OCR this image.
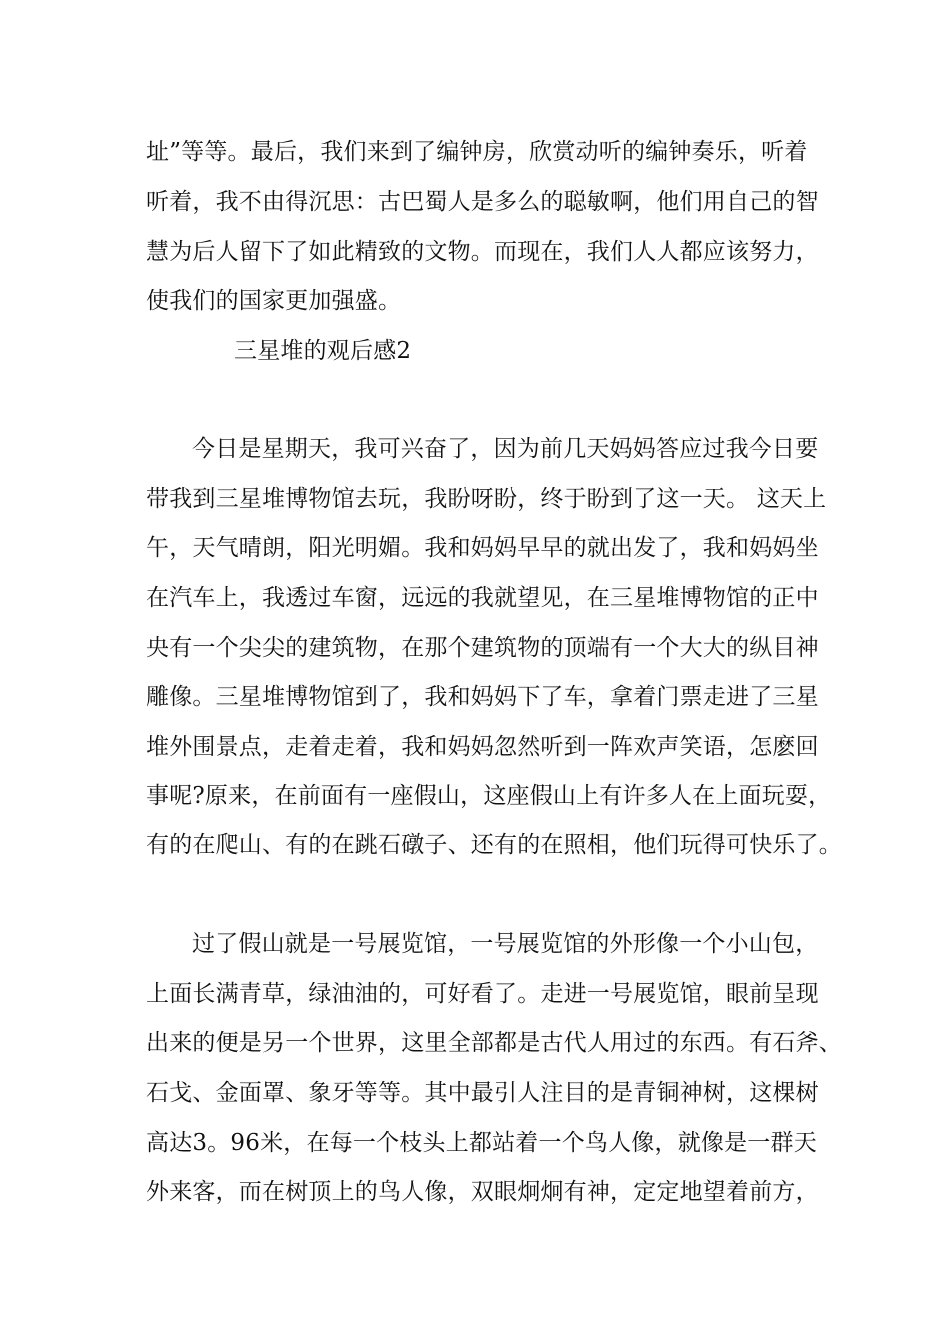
址”等等。最后，我们来到了编钟房，欣赏动听的编钟奏乐，听着
听着，我不由得沉思：古巴蜀人是多么的聪敏啊，他们用自己的智
慧为后人留下了如此精致的文物。而现在，我们人人都应该努力，
使我们的国家更加强盛。
三星堆的观后感2
今日是星期天，我可兴奋了，因为前几天妈妈答应过我今日要
带我到三星堆博物馆去玩，我盼呀盼，终于盼到了这一天。 这天上
午，天气晴朗，阳光明媚。我和妈妈早早的就出发了，我和妈妈坐
在汽车上，我透过车窗，远远的我就望见，在三星堆博物馆的正中
央有一个尖尖的建筑物，在那个建筑物的顶端有一个大大的纵目神
雕像。三星堆博物馆到了，我和妈妈下了车，拿着门票走进了三星
堆外围景点，走着走着，我和妈妈忽然听到一阵欢声笑语，怎麽回
事呢?原来，在前面有一座假山，这座假山上有许多人在上面玩耍，
有的在爬山、有的在跳石礅子、还有的在照相，他们玩得可快乐了。
过了假山就是一号展览馆，一号展览馆的外形像一个小山包，
上面长满青草，绿油油的，可好看了。走进一号展览馆，眼前呈现
出来的便是另一个世界，这里全部都是古代人用过的东西。有石斧、
石戈、金面罩、象牙等等。其中最引人注目的是青铜神树，这棵树
高达3。96米，在每一个枝头上都站着一个鸟人像，就像是一群天
外来客，而在树顶上的鸟人像，双眼炯炯有神，定定地望着前方，
